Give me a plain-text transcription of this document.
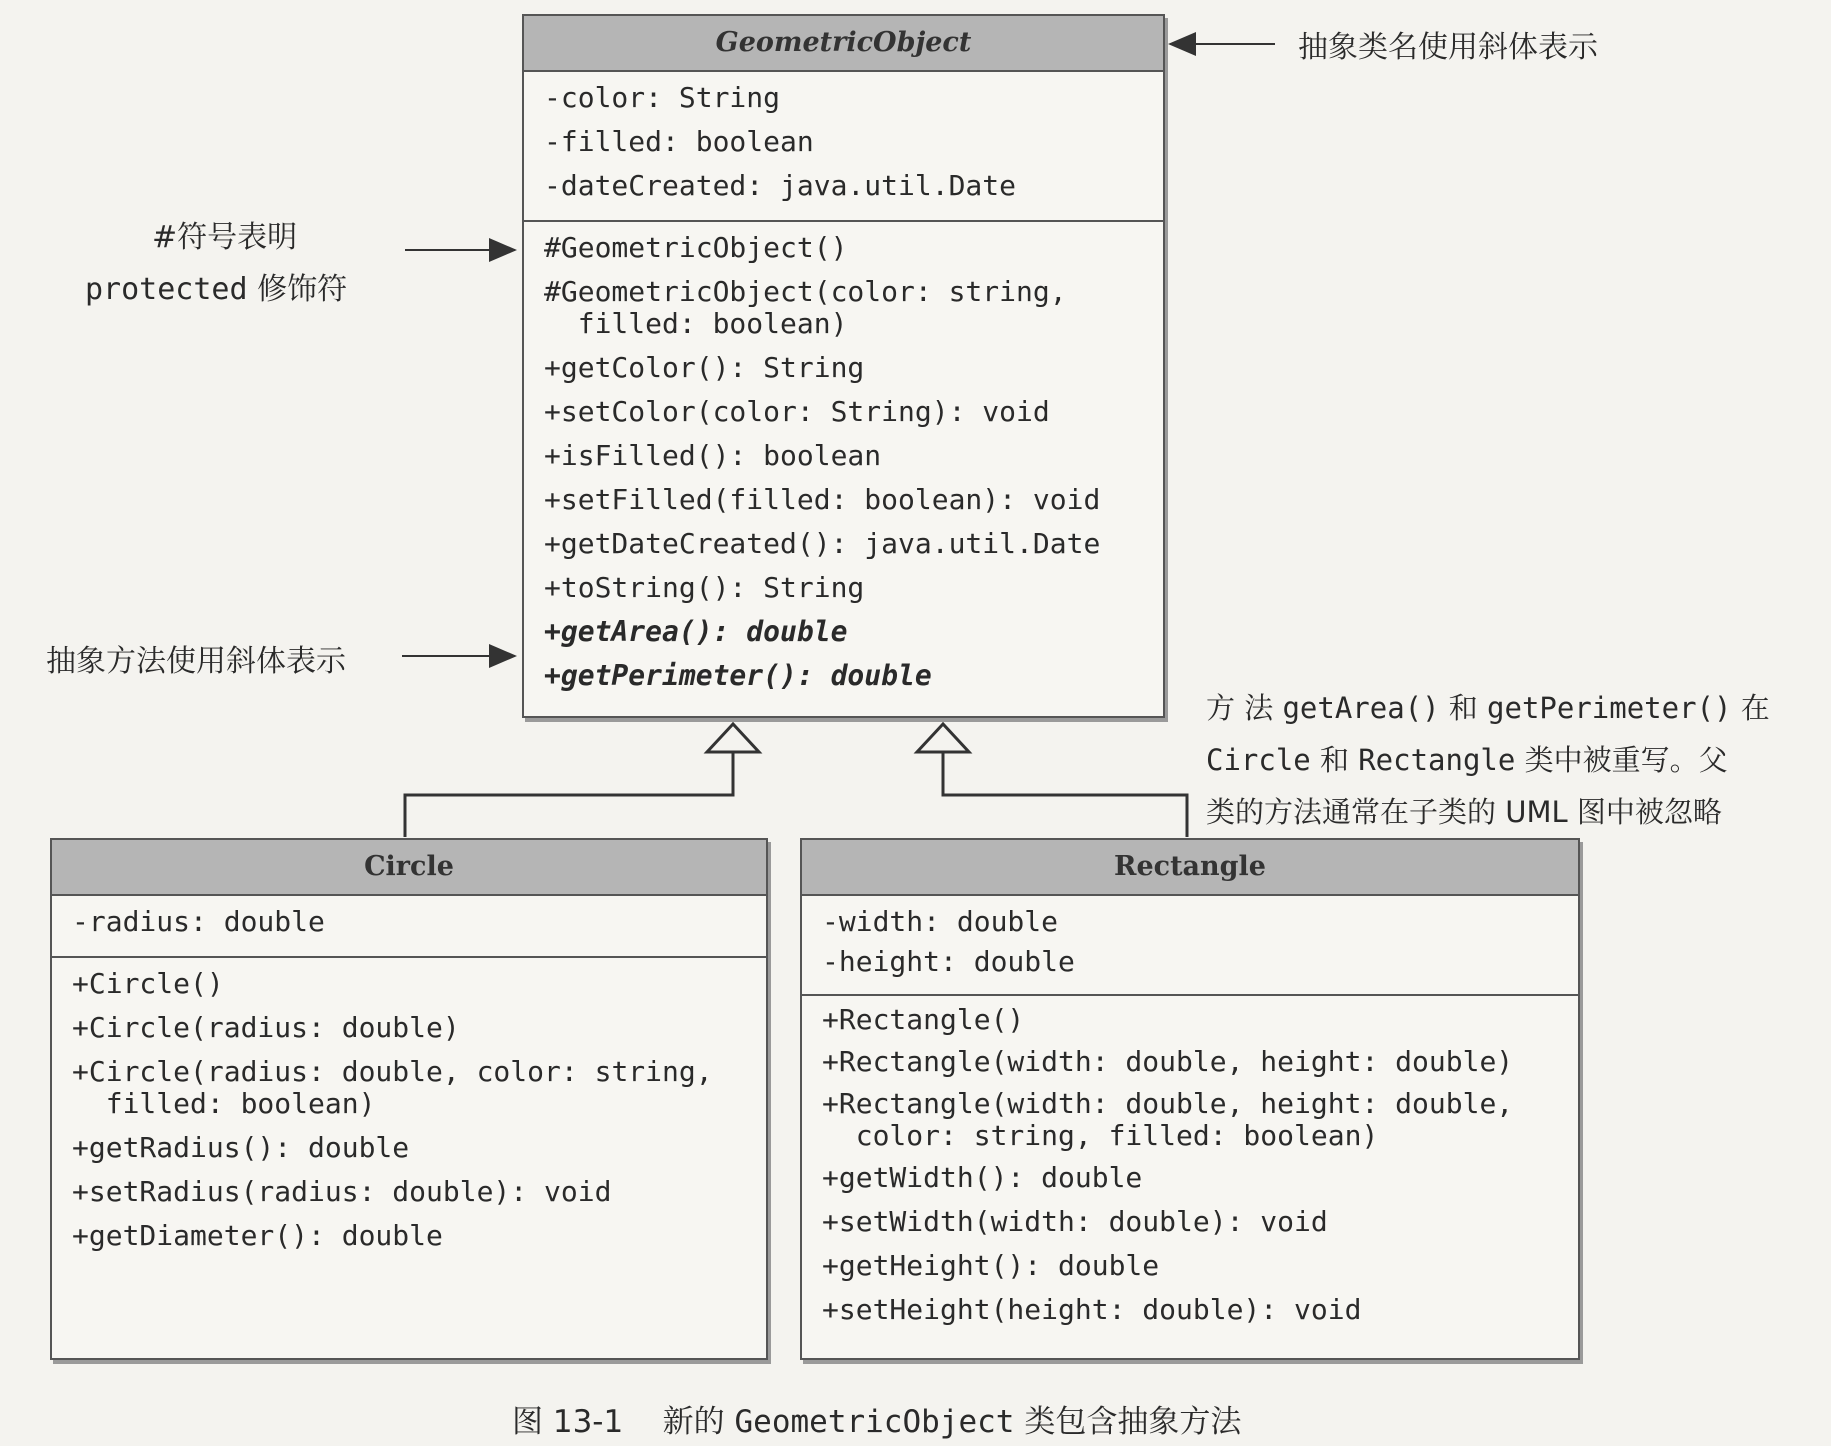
GeometricObject
-color: String
-filled: boolean
-dateCreated: java.util.Date
#GeometricObject()
#GeometricObject(color: string,
filled: boolean)
+getColor(): String
+setColor(color: String): void
+isFilled(): boolean
+setFilled(filled: boolean): void
+getDateCreated(): java.util.Date
+toString(): String
+getArea(): double
+getPerimeter(): double
Circle
-radius: double
+Circle()
+Circle(radius: double)
+Circle(radius: double, color: string,
filled: boolean)
+getRadius(): double
+setRadius(radius: double): void
+getDiameter(): double
Rectangle
-width: double
-height: double
+Rectangle()
+Rectangle(width: double, height: double)
+Rectangle(width: double, height: double,
color: string, filled: boolean)
+getWidth(): double
+setWidth(width: double): void
+getHeight(): double
+setHeight(height: double): void
抽象类名使用斜体表示
#符号表明
protected 修饰符
抽象方法使用斜体表示
方 法 getArea() 和 getPerimeter() 在
Circle 和 Rectangle 类中被重写。父
类的方法通常在子类的 UML 图中被忽略
图 13-1 新的 GeometricObject 类包含抽象方法
